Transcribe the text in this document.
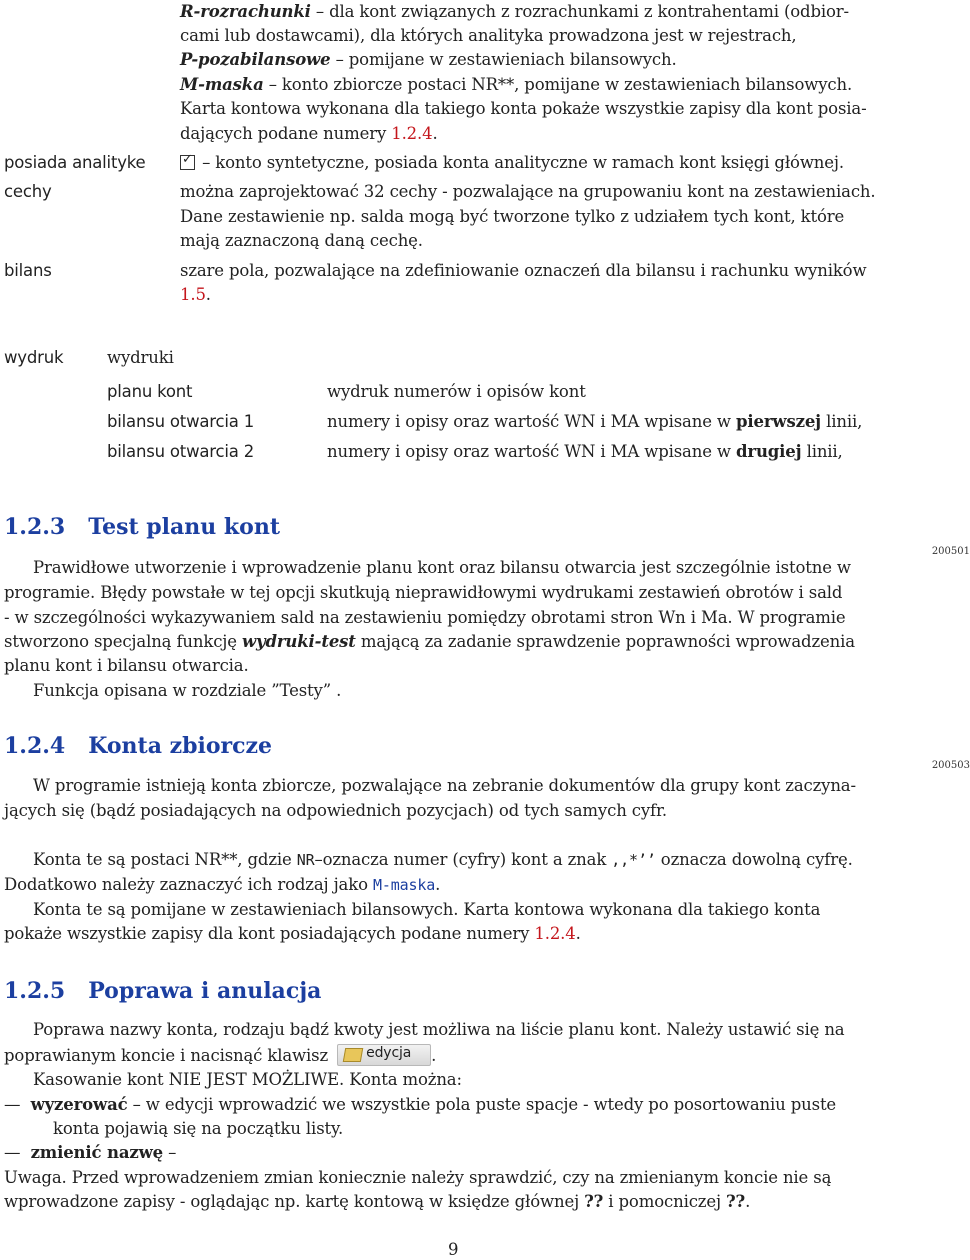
R-rozrachunki – dla kont związanych z rozrachunkami z kontrahentami (odbior-
cami lub dostawcami), dla których analityka prowadzona jest w rejestrach,
P-pozabilansowe – pomijane w zestawieniach bilansowych.
M-maska – konto zbiorcze postaci NR**, pomijane w zestawieniach bilansowych.
Karta kontowa wykonana dla takiego konta pokaże wszystkie zapisy dla kont posia-
dających podane numery 1.2.4.
posiada analityke
✓	– konto syntetyczne, posiada konta analityczne w ramach kont księgi głównej.
cechy	można zaprojektować 32 cechy - pozwalające na grupowaniu kont na zestawieniach.
Dane zestawienie np. salda mogą być tworzone tylko z udziałem tych kont, które
mają zaznaczoną daną cechę.
bilans	szare pola, pozwalające na zdefiniowanie oznaczeń dla bilansu i rachunku wyników
1.5.
wydruk	wydruki
planu kont	wydruk numerów i opisów kont
bilansu otwarcia 1	numery i opisy oraz wartość WN i MA wpisane w pierwszej linii,
bilansu otwarcia 2	numery i opisy oraz wartość WN i MA wpisane w drugiej linii,
1.2.3 Test planu kont
200501
Prawidłowe utworzenie i wprowadzenie planu kont oraz bilansu otwarcia jest szczególnie istotne w
programie. Błędy powstałe w tej opcji skutkują nieprawidłowymi wydrukami zestawień obrotów i sald
- w szczególności wykazywaniem sald na zestawieniu pomiędzy obrotami stron Wn i Ma. W programie
stworzono specjalną funkcję wydruki-test mającą za zadanie sprawdzenie poprawności wprowadzenia
planu kont i bilansu otwarcia.
Funkcja opisana w rozdziale ”Testy” .
1.2.4 Konta zbiorcze
200503
W programie istnieją konta zbiorcze, pozwalające na zebranie dokumentów dla grupy kont zaczyna-
jących się (bądź posiadających na odpowiednich pozycjach) od tych samych cyfr.
Konta te są postaci NR**, gdzie NR–oznacza numer (cyfry) kont a znak ,,*’’ oznacza dowolną cyfrę.
Dodatkowo należy zaznaczyć ich rodzaj jako M-maska.
Konta te są pomijane w zestawieniach bilansowych. Karta kontowa wykonana dla takiego konta
pokaże wszystkie zapisy dla kont posiadających podane numery 1.2.4.
1.2.5 Poprawa i anulacja
Poprawa nazwy konta, rodzaju bądź kwoty jest możliwa na liście planu kont. Należy ustawić się na
poprawianym koncie i nacisnąć klawisz	edycja .
Kasowanie kont NIE JEST MOŻLIWE. Konta można:
— wyzerować – w edycji wprowadzić we wszystkie pola puste spacje - wtedy po posortowaniu puste
konta pojawią się na początku listy.
— zmienić nazwę –
Uwaga. Przed wprowadzeniem zmian koniecznie należy sprawdzić, czy na zmienianym koncie nie są
wprowadzone zapisy - oglądając np. kartę kontową w księdze głównej ?? i pomocniczej ??.
9
